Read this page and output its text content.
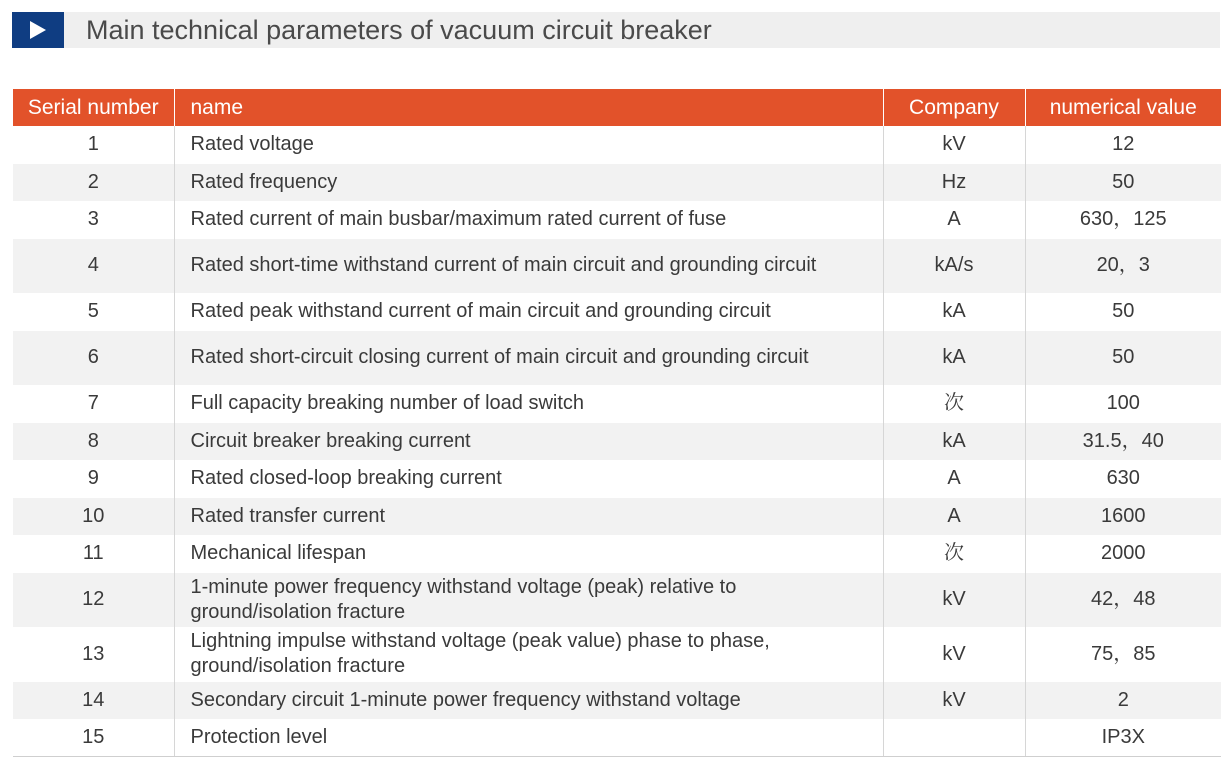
Main technical parameters of vacuum circuit breaker
Serial number	name	Company	numerical value
1	Rated voltage	kV	12
2	Rated frequency	Hz	50
3	Rated current of main busbar/maximum rated current of fuse	A	630，125
4	Rated short-time withstand current of main circuit and grounding circuit	kA/s	20，3
5	Rated peak withstand current of main circuit and grounding circuit	kA	50
6	Rated short-circuit closing current of main circuit and grounding circuit	kA	50
7	Full capacity breaking number of load switch	次	100
8	Circuit breaker breaking current	kA	31.5，40
9	Rated closed-loop breaking current	A	630
10	Rated transfer current	A	1600
11	Mechanical lifespan	次	2000
12	1-minute power frequency withstand voltage (peak) relative to ground/isolation fracture	kV	42，48
13	Lightning impulse withstand voltage (peak value) phase to phase, ground/isolation fracture	kV	75，85
14	Secondary circuit 1-minute power frequency withstand voltage	kV	2
15	Protection level		IP3X
